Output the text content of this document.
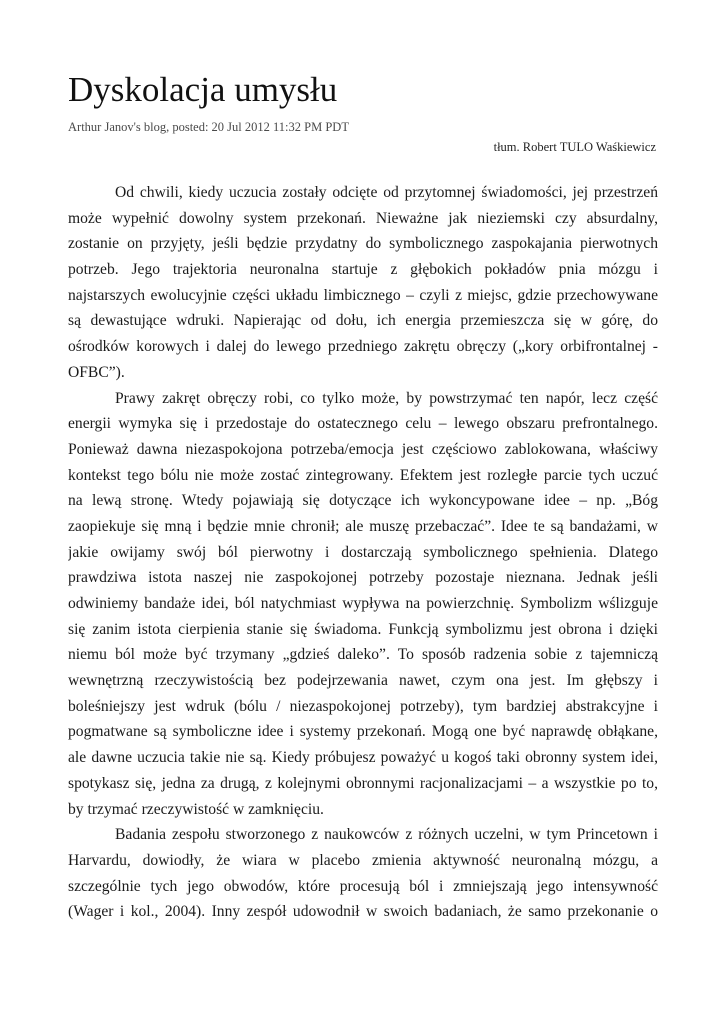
Dyskolacja umysłu
Arthur Janov's blog, posted: 20 Jul 2012 11:32 PM PDT
tłum. Robert TULO Waśkiewicz
Od chwili, kiedy uczucia zostały odcięte od przytomnej świadomości, jej przestrzeń
może wypełnić dowolny system przekonań. Nieważne jak nieziemski czy absurdalny,
zostanie on przyjęty, jeśli będzie przydatny do symbolicznego zaspokajania pierwotnych
potrzeb. Jego trajektoria neuronalna startuje z głębokich pokładów pnia mózgu i
najstarszych ewolucyjnie części układu limbicznego – czyli z miejsc, gdzie przechowywane
są dewastujące wdruki. Napierając od dołu, ich energia przemieszcza się w górę, do
ośrodków korowych i dalej do lewego przedniego zakrętu obręczy („kory orbifrontalnej -
OFBC”).
Prawy zakręt obręczy robi, co tylko może, by powstrzymać ten napór, lecz część
energii wymyka się i przedostaje do ostatecznego celu – lewego obszaru prefrontalnego.
Ponieważ dawna niezaspokojona potrzeba/emocja jest częściowo zablokowana, właściwy
kontekst tego bólu nie może zostać zintegrowany. Efektem jest rozległe parcie tych uczuć
na lewą stronę. Wtedy pojawiają się dotyczące ich wykoncypowane idee – np. „Bóg
zaopiekuje się mną i będzie mnie chronił; ale muszę przebaczać”. Idee te są bandażami, w
jakie owijamy swój ból pierwotny i dostarczają symbolicznego spełnienia. Dlatego
prawdziwa istota naszej nie zaspokojonej potrzeby pozostaje nieznana. Jednak jeśli
odwiniemy bandaże idei, ból natychmiast wypływa na powierzchnię. Symbolizm wślizguje
się zanim istota cierpienia stanie się świadoma. Funkcją symbolizmu jest obrona i dzięki
niemu ból może być trzymany „gdzieś daleko”. To sposób radzenia sobie z tajemniczą
wewnętrzną rzeczywistością bez podejrzewania nawet, czym ona jest. Im głębszy i
boleśniejszy jest wdruk (bólu / niezaspokojonej potrzeby), tym bardziej abstrakcyjne i
pogmatwane są symboliczne idee i systemy przekonań. Mogą one być naprawdę obłąkane,
ale dawne uczucia takie nie są. Kiedy próbujesz poważyć u kogoś taki obronny system idei,
spotykasz się, jedna za drugą, z kolejnymi obronnymi racjonalizacjami – a wszystkie po to,
by trzymać rzeczywistość w zamknięciu.
Badania zespołu stworzonego z naukowców z różnych uczelni, w tym Princetown i
Harvardu, dowiodły, że wiara w placebo zmienia aktywność neuronalną mózgu, a
szczególnie tych jego obwodów, które procesują ból i zmniejszają jego intensywność
(Wager i kol., 2004). Inny zespół udowodnił w swoich badaniach, że samo przekonanie o
